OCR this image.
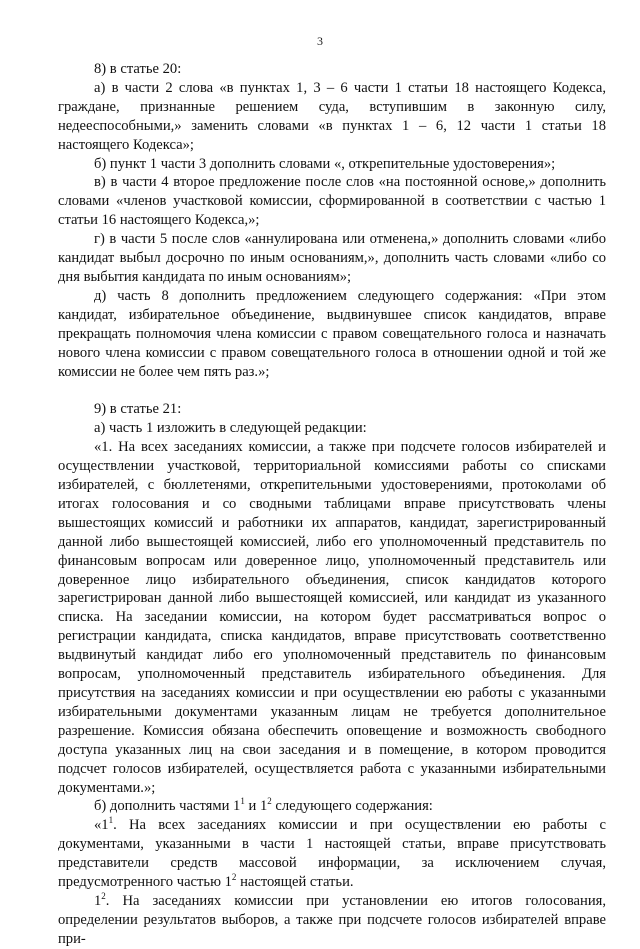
3

8) в статье 20:

а) в части 2 слова «в пунктах 1, 3 – 6 части 1 статьи 18 настоящего Кодекса, граждане, признанные решением суда, вступившим в законную силу, недееспособными,» заменить словами «в пунктах 1 – 6, 12 части 1 статьи 18 настоящего Кодекса»;

б) пункт 1 части 3 дополнить словами «, открепительные удостоверения»;

в) в части 4 второе предложение после слов «на постоянной основе,» дополнить словами «членов участковой комиссии, сформированной в соответствии с частью 1 статьи 16 настоящего Кодекса,»;

г) в части 5 после слов «аннулирована или отменена,» дополнить словами «либо кандидат выбыл досрочно по иным основаниям,», дополнить часть словами «либо со дня выбытия кандидата по иным основаниям»;

д) часть 8 дополнить предложением следующего содержания: «При этом кандидат, избирательное объединение, выдвинувшее список кандидатов, вправе прекращать полномочия члена комиссии с правом совещательного голоса и назначать нового члена комиссии с правом совещательного голоса в отношении одной и той же комиссии не более чем пять раз.»;

9) в статье 21:

а) часть 1 изложить в следующей редакции:

«1. На всех заседаниях комиссии, а также при подсчете голосов избирателей и осуществлении участковой, территориальной комиссиями работы со списками избирателей, с бюллетенями, открепительными удостоверениями, протоколами об итогах голосования и со сводными таблицами вправе присутствовать члены вышестоящих комиссий и работники их аппаратов, кандидат, зарегистрированный данной либо вышестоящей комиссией, либо его уполномоченный представитель по финансовым вопросам или доверенное лицо, уполномоченный представитель или доверенное лицо избирательного объединения, список кандидатов которого зарегистрирован данной либо вышестоящей комиссией, или кандидат из указанного списка. На заседании комиссии, на котором будет рассматриваться вопрос о регистрации кандидата, списка кандидатов, вправе присутствовать соответственно выдвинутый кандидат либо его уполномоченный представитель по финансовым вопросам, уполномоченный представитель избирательного объединения. Для присутствия на заседаниях комиссии и при осуществлении ею работы с указанными избирательными документами указанным лицам не требуется дополнительное разрешение. Комиссия обязана обеспечить оповещение и возможность свободного доступа указанных лиц на свои заседания и в помещение, в котором проводится подсчет голосов избирателей, осуществляется работа с указанными избирательными документами.»;

б) дополнить частями $1^1$ и $1^2$ следующего содержания:

«$1^1$. На всех заседаниях комиссии и при осуществлении ею работы с документами, указанными в части 1 настоящей статьи, вправе присутствовать представители средств массовой информации, за исключением случая, предусмотренного частью $1^2$ настоящей статьи.

$1^2$. На заседаниях комиссии при установлении ею итогов голосования, определении результатов выборов, а также при подсчете голосов избирателей вправе при-
